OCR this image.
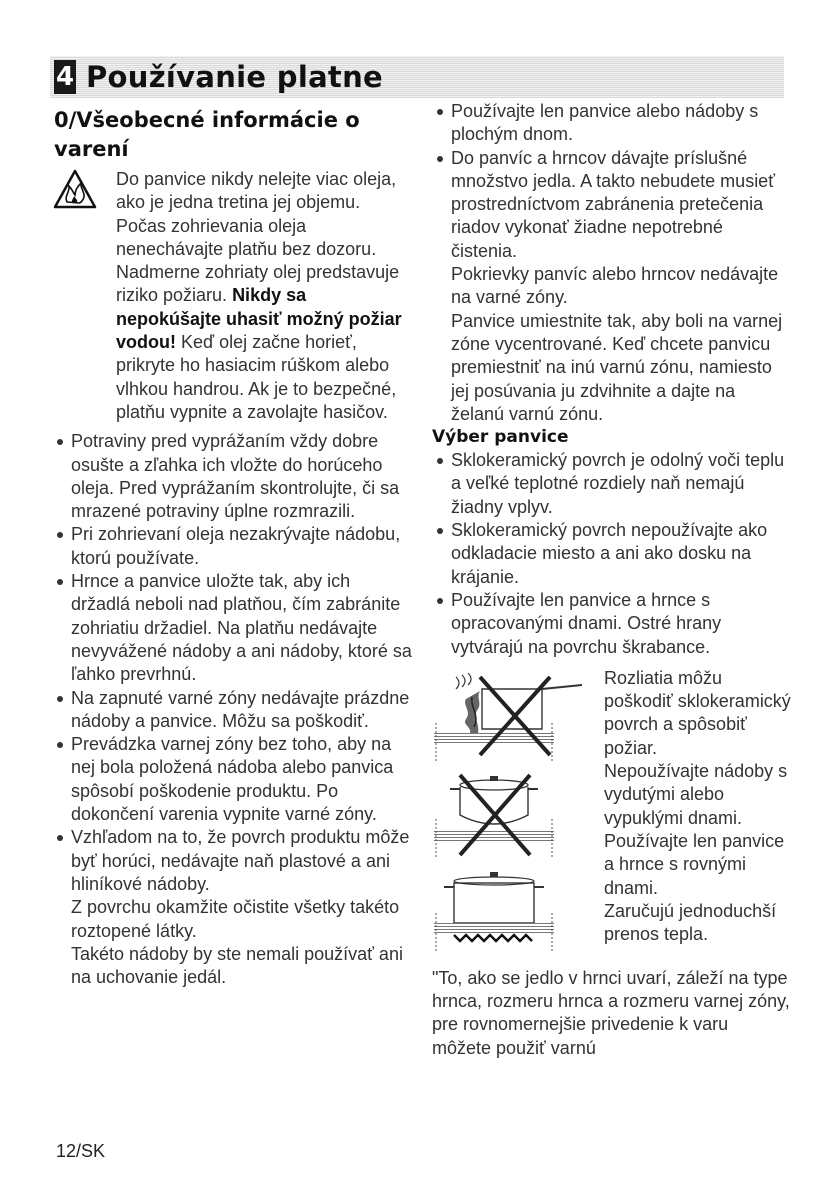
4 Používanie platne
0/Všeobecné informácie o varení
Do panvice nikdy nelejte viac oleja, ako je jedna tretina jej objemu. Počas zohrievania oleja nenechávajte platňu bez dozoru. Nadmerne zohriaty olej predstavuje riziko požiaru. Nikdy sa nepokúšajte uhasiť možný požiar vodou! Keď olej začne horieť, prikryte ho hasiacim rúškom alebo vlhkou handrou. Ak je to bezpečné, platňu vypnite a zavolajte hasičov.
Potraviny pred vyprážaním vždy dobre osušte a zľahka ich vložte do horúceho oleja. Pred vyprážaním skontrolujte, či sa mrazené potraviny úplne rozmrazili.
Pri zohrievaní oleja nezakrývajte nádobu, ktorú používate.
Hrnce a panvice uložte tak, aby ich držadlá neboli nad platňou, čím zabránite zohriatiu držadiel. Na platňu nedávajte nevyvážené nádoby a ani nádoby, ktoré sa ľahko prevrhnú.
Na zapnuté varné zóny nedávajte prázdne nádoby a panvice. Môžu sa poškodiť.
Prevádzka varnej zóny bez toho, aby na nej bola položená nádoba alebo panvica spôsobí poškodenie produktu. Po dokončení varenia vypnite varné zóny.
Vzhľadom na to, že povrch produktu môže byť horúci, nedávajte naň plastové a ani hliníkové nádoby.
Z povrchu okamžite očistite všetky takéto roztopené látky.
Takéto nádoby by ste nemali používať ani na uchovanie jedál.
Používajte len panvice alebo nádoby s plochým dnom.
Do panvíc a hrncov dávajte príslušné množstvo jedla. A takto nebudete musieť prostredníctvom zabránenia pretečenia riadov vykonať žiadne nepotrebné čistenia.
Pokrievky panvíc alebo hrncov nedávajte na varné zóny.
Panvice umiestnite tak, aby boli na varnej zóne vycentrované. Keď chcete panvicu premiestniť na inú varnú zónu, namiesto jej posúvania ju zdvihnite a dajte na želanú varnú zónu.
Výber panvice
Sklokeramický povrch je odolný voči teplu a veľké teplotné rozdiely naň nemajú žiadny vplyv.
Sklokeramický povrch nepoužívajte ako odkladacie miesto a ani ako dosku na krájanie.
Používajte len panvice a hrnce s opracovanými dnami. Ostré hrany vytvárajú na povrchu škrabance.
Rozliatia môžu poškodiť sklokeramický povrch a spôsobiť požiar.
Nepoužívajte nádoby s vydutými alebo vypuklými dnami.
Používajte len panvice a hrnce s rovnými dnami.
Zaručujú jednoduchší prenos tepla.
"To, ako se jedlo v hrnci uvarí, záleží na type hrnca, rozmeru hrnca a rozmeru varnej zóny, pre rovnomernejšie privedenie k varu môžete použiť varnú
12/SK
